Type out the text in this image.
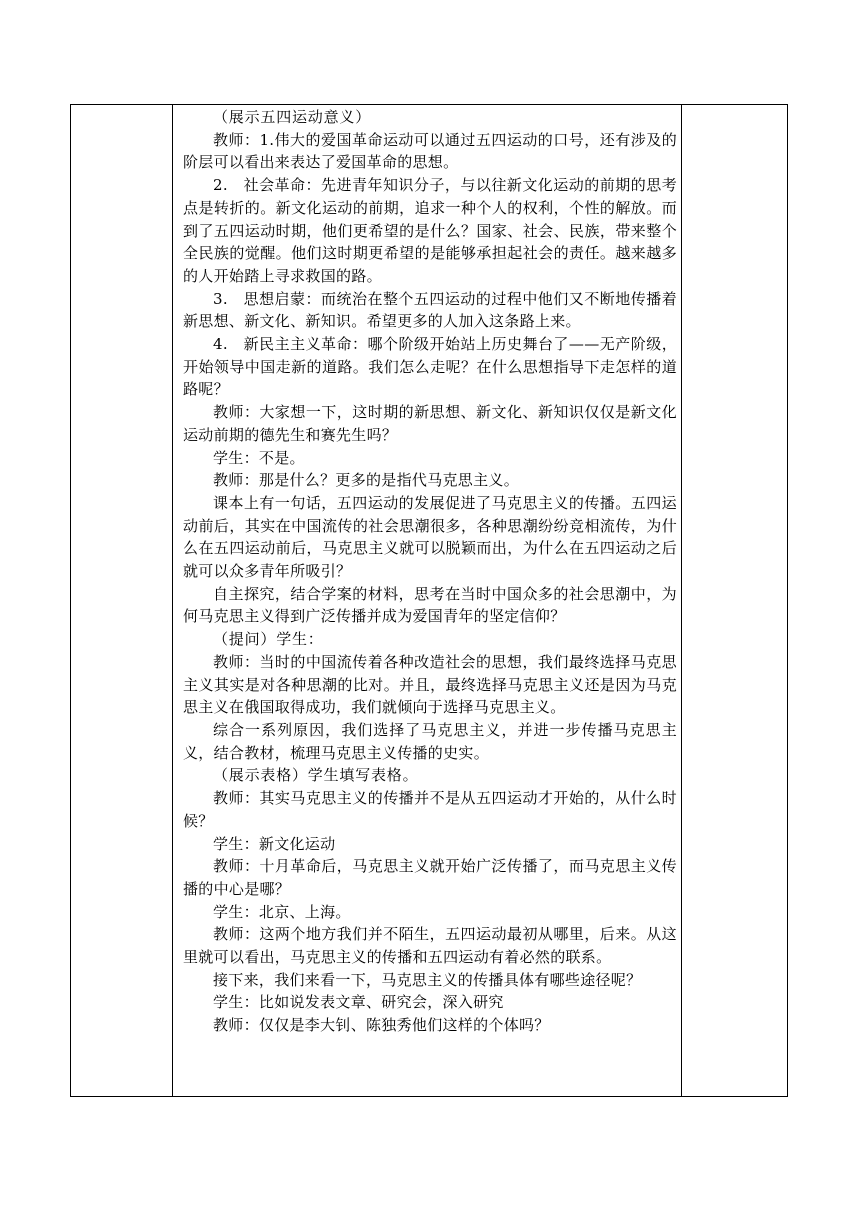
（展示五四运动意义）

教师：1.伟大的爱国革命运动可以通过五四运动的口号，还有涉及的阶层可以看出来表达了爱国革命的思想。

2.　社会革命：先进青年知识分子，与以往新文化运动的前期的思考点是转折的。新文化运动的前期，追求一种个人的权利，个性的解放。而到了五四运动时期，他们更希望的是什么？国家、社会、民族，带来整个全民族的觉醒。他们这时期更希望的是能够承担起社会的责任。越来越多的人开始踏上寻求救国的路。

3.　思想启蒙：而统治在整个五四运动的过程中他们又不断地传播着新思想、新文化、新知识。希望更多的人加入这条路上来。

4.　新民主主义革命：哪个阶级开始站上历史舞台了——无产阶级，开始领导中国走新的道路。我们怎么走呢？在什么思想指导下走怎样的道路呢？

教师：大家想一下，这时期的新思想、新文化、新知识仅仅是新文化运动前期的德先生和赛先生吗？

学生：不是。

教师：那是什么？更多的是指代马克思主义。

课本上有一句话，五四运动的发展促进了马克思主义的传播。五四运动前后，其实在中国流传的社会思潮很多，各种思潮纷纷竞相流传，为什么在五四运动前后，马克思主义就可以脱颖而出，为什么在五四运动之后就可以众多青年所吸引？

自主探究，结合学案的材料，思考在当时中国众多的社会思潮中，为何马克思主义得到广泛传播并成为爱国青年的坚定信仰？

（提问）学生：

教师：当时的中国流传着各种改造社会的思想，我们最终选择马克思主义其实是对各种思潮的比对。并且，最终选择马克思主义还是因为马克思主义在俄国取得成功，我们就倾向于选择马克思主义。

综合一系列原因，我们选择了马克思主义，并进一步传播马克思主义，结合教材，梳理马克思主义传播的史实。

（展示表格）学生填写表格。

教师：其实马克思主义的传播并不是从五四运动才开始的，从什么时候？

学生：新文化运动

教师：十月革命后，马克思主义就开始广泛传播了，而马克思主义传播的中心是哪？

学生：北京、上海。

教师：这两个地方我们并不陌生，五四运动最初从哪里，后来。从这里就可以看出，马克思主义的传播和五四运动有着必然的联系。

接下来，我们来看一下，马克思主义的传播具体有哪些途径呢？

学生：比如说发表文章、研究会，深入研究

教师：仅仅是李大钊、陈独秀他们这样的个体吗？
